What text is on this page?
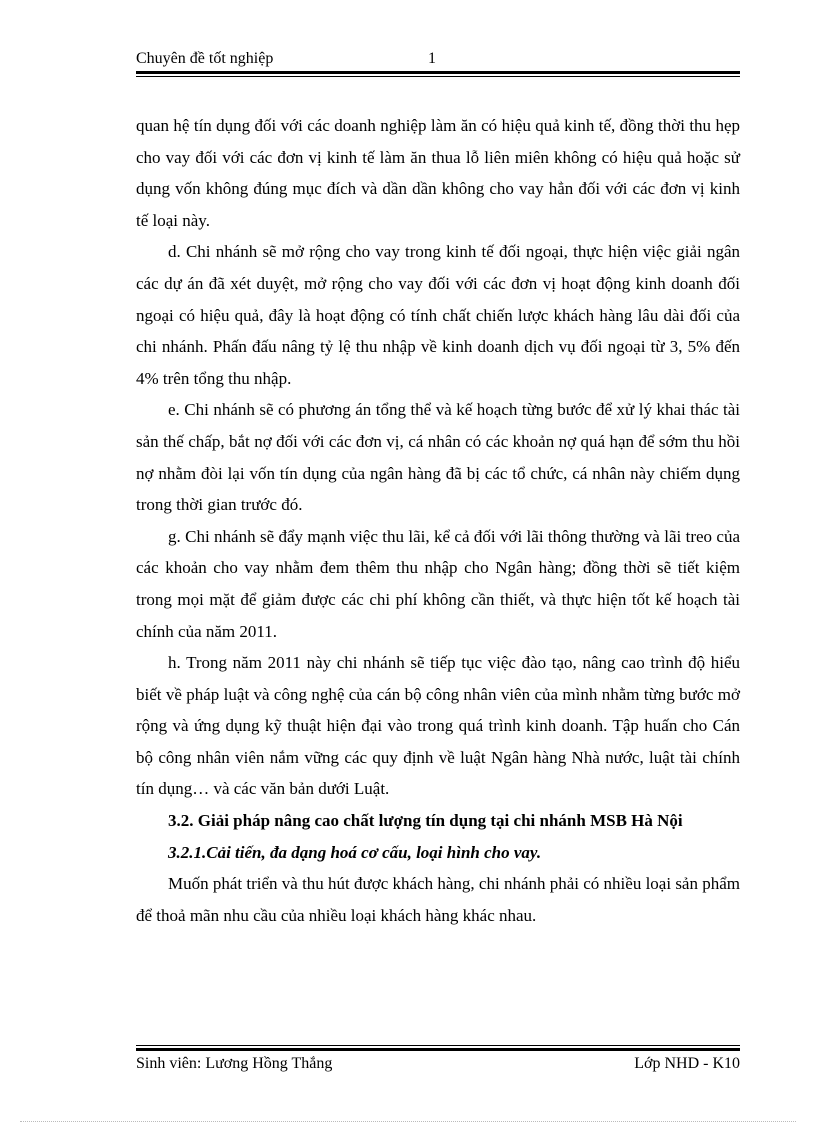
Chuyên đề tốt nghiệp	1

quan hệ tín dụng đối với các doanh nghiệp làm ăn có hiệu quả kinh tế, đồng thời thu hẹp cho vay đối với các đơn vị kinh tế làm ăn thua lỗ liên miên không có hiệu quả hoặc sử dụng vốn không đúng mục đích và dần dần không cho vay hẳn đối với các đơn vị kinh tế loại này.

d. Chi nhánh sẽ mở rộng cho vay trong kinh tế đối ngoại, thực hiện việc giải ngân các dự án đã xét duyệt, mở rộng cho vay đối với các đơn vị hoạt động kinh doanh đối ngoại có hiệu quả, đây là hoạt động có tính chất chiến lược khách hàng lâu dài đối của chi nhánh. Phấn đấu nâng tỷ lệ thu nhập về kinh doanh dịch vụ đối ngoại từ 3, 5% đến 4% trên tổng thu nhập.

e. Chi nhánh sẽ có phương án tổng thể và kế hoạch từng bước để xử lý khai thác tài sản thế chấp, bắt nợ đối với các đơn vị, cá nhân có các khoản nợ quá hạn để sớm thu hồi nợ nhằm đòi lại vốn tín dụng của ngân hàng đã bị các tổ chức, cá nhân này chiếm dụng trong thời gian trước đó.

g. Chi nhánh sẽ đẩy mạnh việc thu lãi, kể cả đối với lãi thông thường và lãi treo của các khoản cho vay nhằm đem thêm thu nhập cho Ngân hàng; đồng thời sẽ tiết kiệm trong mọi mặt để giảm được các chi phí không cần thiết, và thực hiện tốt kế hoạch tài chính của năm 2011.

h. Trong năm 2011 này chi nhánh sẽ tiếp tục việc đào tạo, nâng cao trình độ hiểu biết về pháp luật và công nghệ của cán bộ công nhân viên của mình nhằm từng bước mở rộng và ứng dụng kỹ thuật hiện đại vào trong quá trình kinh doanh. Tập huấn cho Cán bộ công nhân viên nắm vững các quy định về luật Ngân hàng Nhà nước, luật tài chính tín dụng… và các văn bản dưới Luật.

3.2. Giải pháp nâng cao chất lượng tín dụng tại chi nhánh MSB Hà Nội
3.2.1.Cải tiến, đa dạng hoá cơ cấu, loại hình cho vay.

Muốn phát triển và thu hút được khách hàng, chi nhánh phải có nhiều loại sản phẩm để thoả mãn nhu cầu của nhiều loại khách hàng khác nhau.

Sinh viên: Lương Hồng Thắng	Lớp NHD - K10
